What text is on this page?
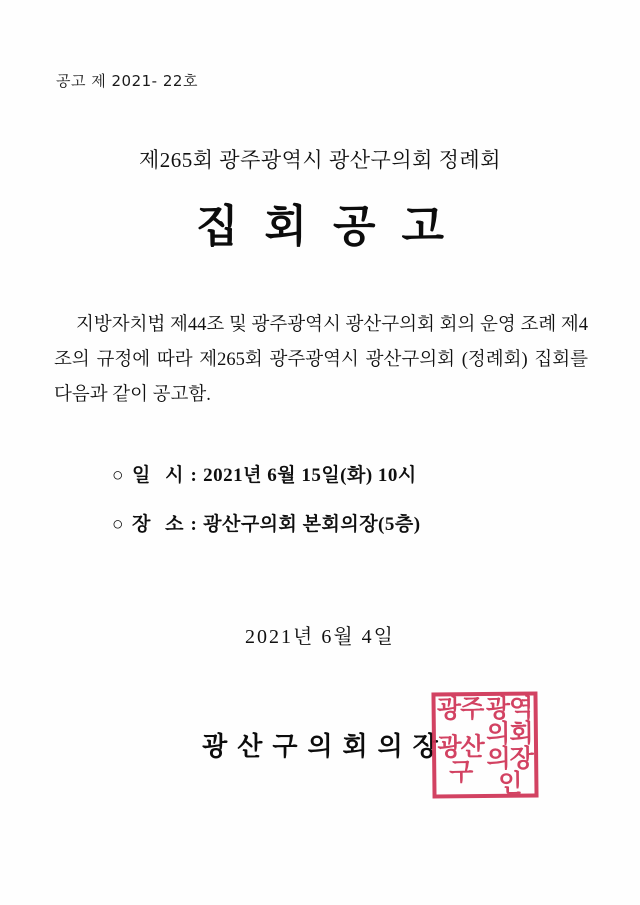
공고 제 2021- 22호
제265회 광주광역시 광산구의회 정례회
집회공고
지방자치법 제44조 및 광주광역시 광산구의회 회의 운영 조례 제4조의 규정에 따라 제265회 광주광역시 광산구의회 (정례회) 집회를 다음과 같이 공고함.
○ 일 시 : 2021년 6월 15일(화) 10시
○ 장 소 : 광산구의회 본회의장(5층)
2021년 6월 4일
광산구의회의장
광주 광역
광산구
의회의장인
